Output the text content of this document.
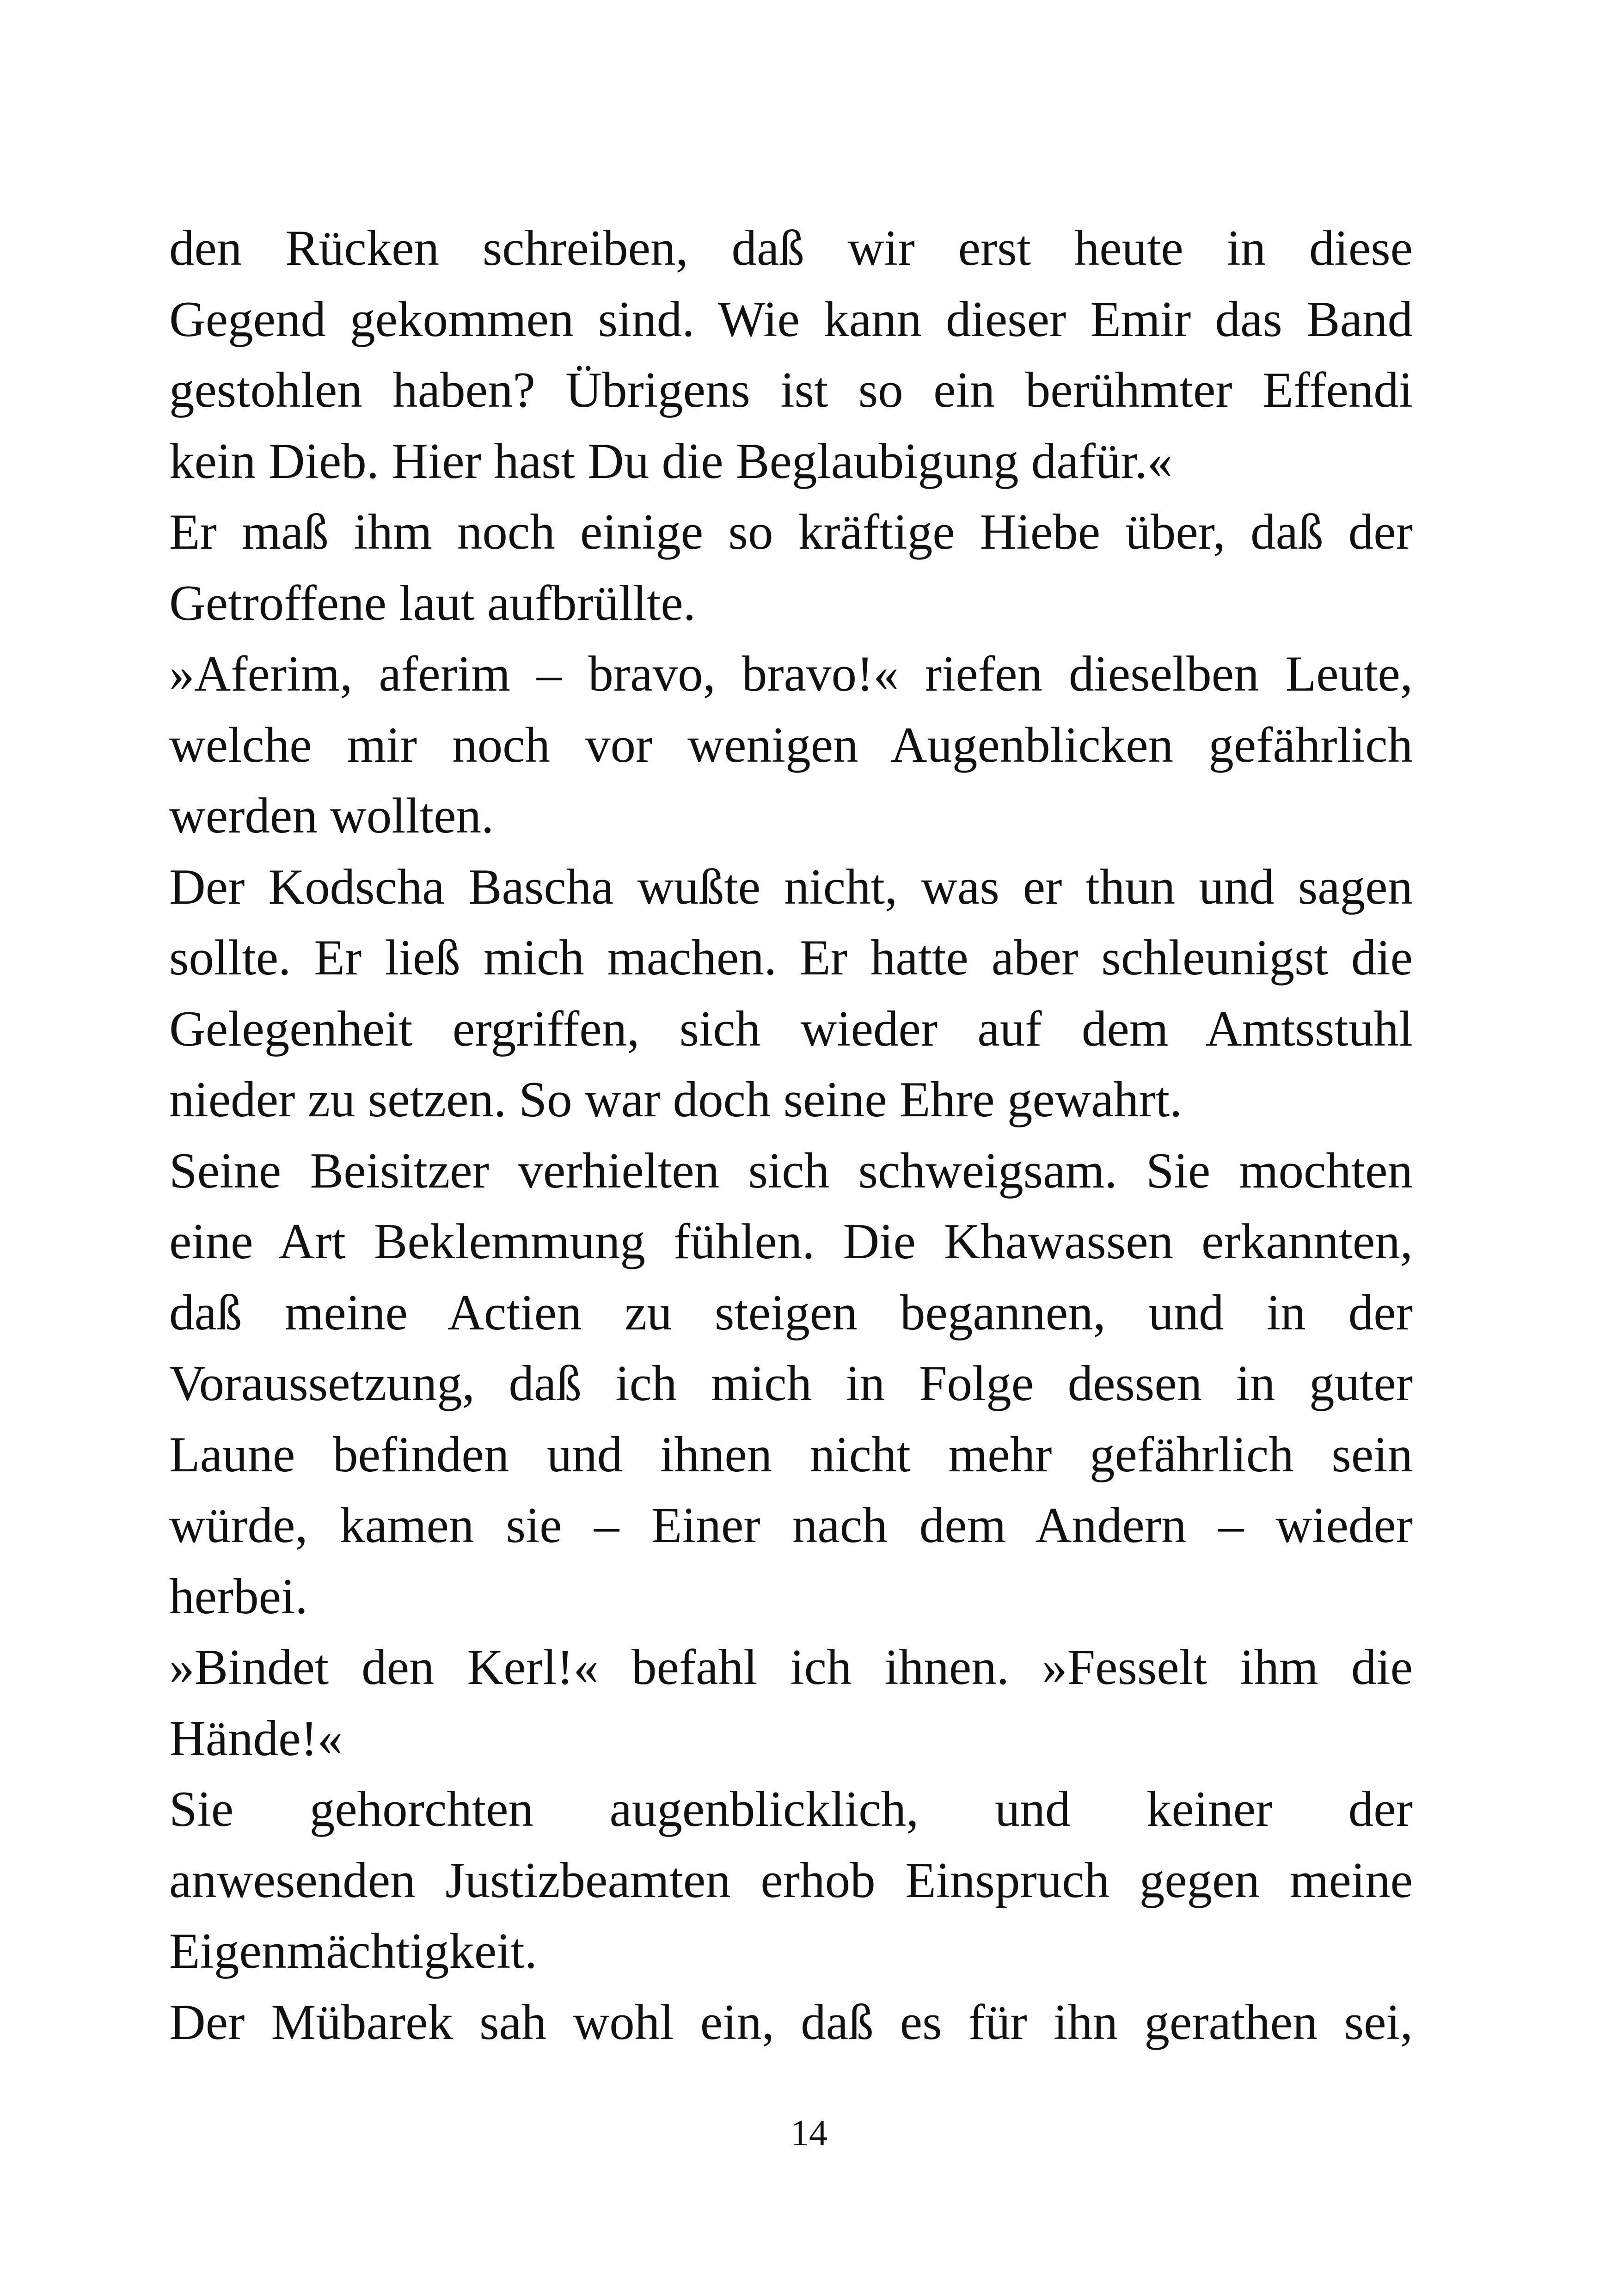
den Rücken schreiben, daß wir erst heute in diese
Gegend gekommen sind. Wie kann dieser Emir das Band
gestohlen haben? Übrigens ist so ein berühmter Effendi
kein Dieb. Hier hast Du die Beglaubigung dafür.«
Er maß ihm noch einige so kräftige Hiebe über, daß der
Getroffene laut aufbrüllte.
»Aferim, aferim – bravo, bravo!« riefen dieselben Leute,
welche mir noch vor wenigen Augenblicken gefährlich
werden wollten.
Der Kodscha Bascha wußte nicht, was er thun und sagen
sollte. Er ließ mich machen. Er hatte aber schleunigst die
Gelegenheit ergriffen, sich wieder auf dem Amtsstuhl
nieder zu setzen. So war doch seine Ehre gewahrt.
Seine Beisitzer verhielten sich schweigsam. Sie mochten
eine Art Beklemmung fühlen. Die Khawassen erkannten,
daß meine Actien zu steigen begannen, und in der
Voraussetzung, daß ich mich in Folge dessen in guter
Laune befinden und ihnen nicht mehr gefährlich sein
würde, kamen sie – Einer nach dem Andern – wieder
herbei.
»Bindet den Kerl!« befahl ich ihnen. »Fesselt ihm die
Hände!«
Sie gehorchten augenblicklich, und keiner der
anwesenden Justizbeamten erhob Einspruch gegen meine
Eigenmächtigkeit.
Der Mübarek sah wohl ein, daß es für ihn gerathen sei,
14
